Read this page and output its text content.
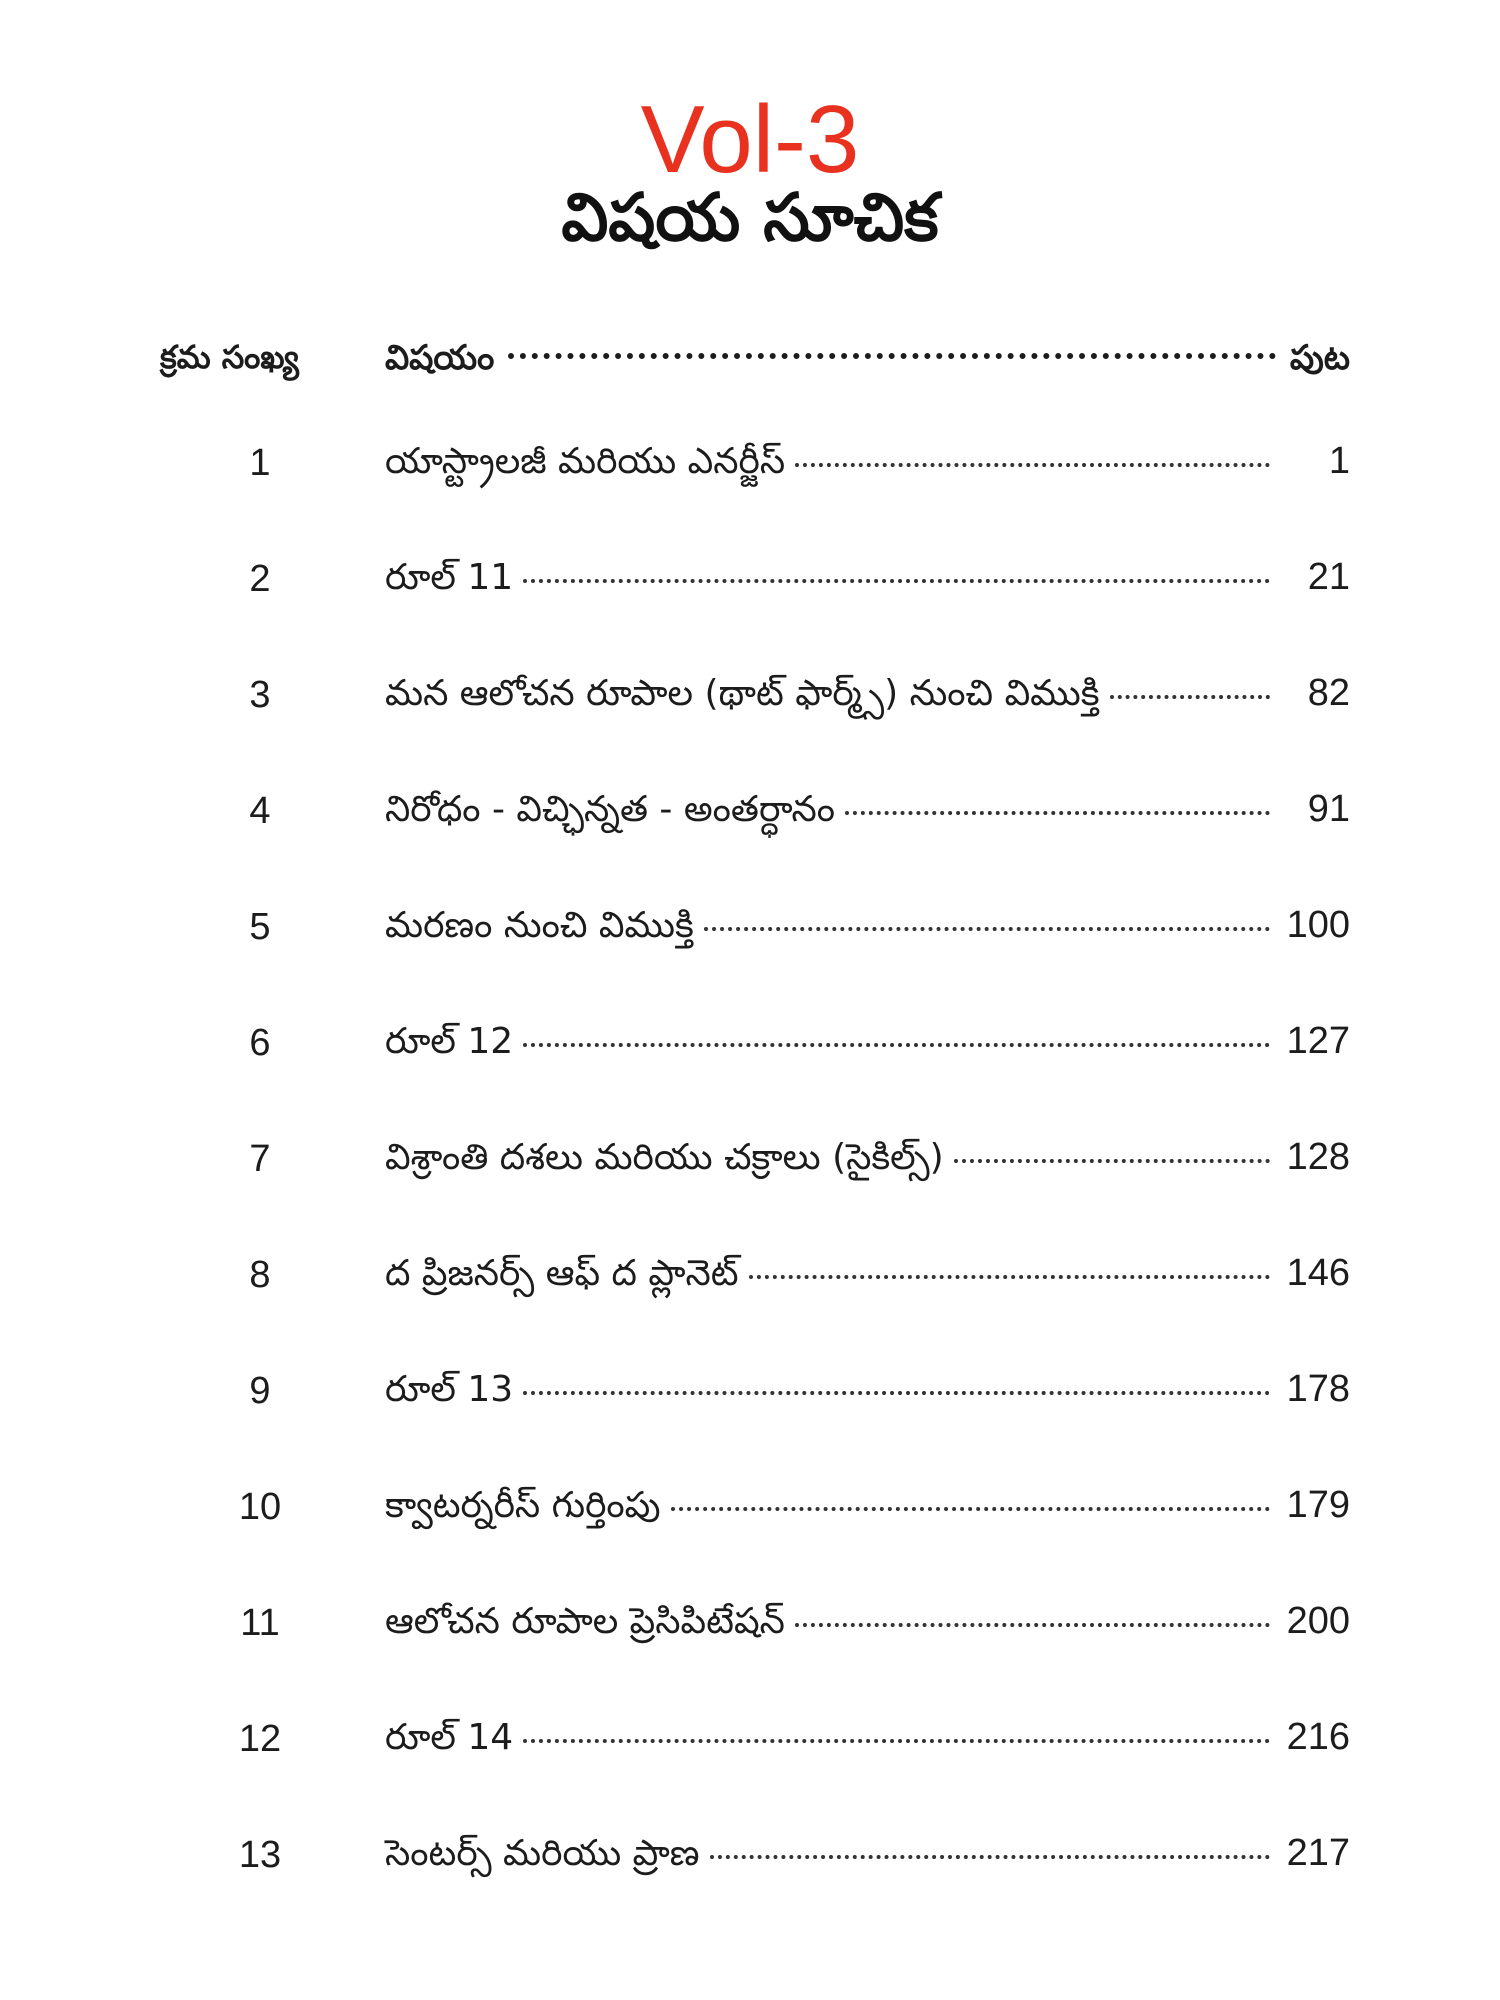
Vol-3
విషయ సూచిక
క్రమ సంఖ్య	విషయం	పుట
1	యాస్ట్రాలజీ మరియు ఎనర్జీస్	1
2	రూల్ 11	21
3	మన ఆలోచన రూపాల (థాట్ ఫార్మ్స్) నుంచి విముక్తి	82
4	నిరోధం - విచ్ఛిన్నత - అంతర్ధానం	91
5	మరణం నుంచి విముక్తి	100
6	రూల్ 12	127
7	విశ్రాంతి దశలు మరియు చక్రాలు (సైకిల్స్)	128
8	ద ప్రిజనర్స్ ఆఫ్ ద ప్లానెట్	146
9	రూల్ 13	178
10	క్వాటర్నరీస్ గుర్తింపు	179
11	ఆలోచన రూపాల ప్రెసిపిటేషన్	200
12	రూల్ 14	216
13	సెంటర్స్ మరియు ప్రాణ	217
